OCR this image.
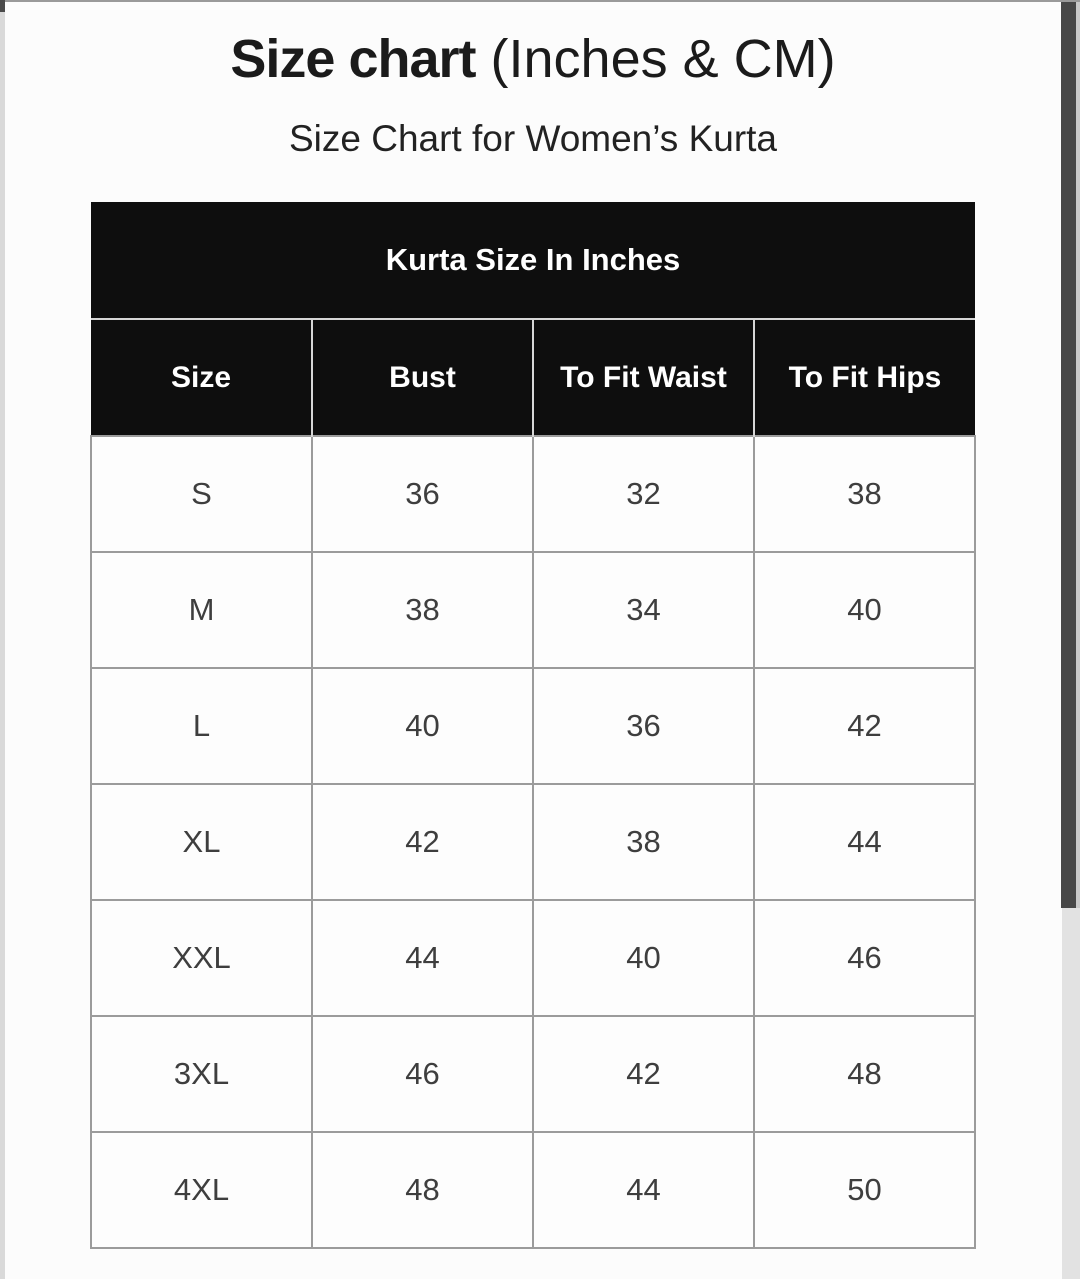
Size chart (Inches & CM)
Size Chart for Women’s Kurta
Kurta Size In Inches			
Size	Bust	To Fit Waist	To Fit Hips
S	36	32	38
M	38	34	40
L	40	36	42
XL	42	38	44
XXL	44	40	46
3XL	46	42	48
4XL	48	44	50
